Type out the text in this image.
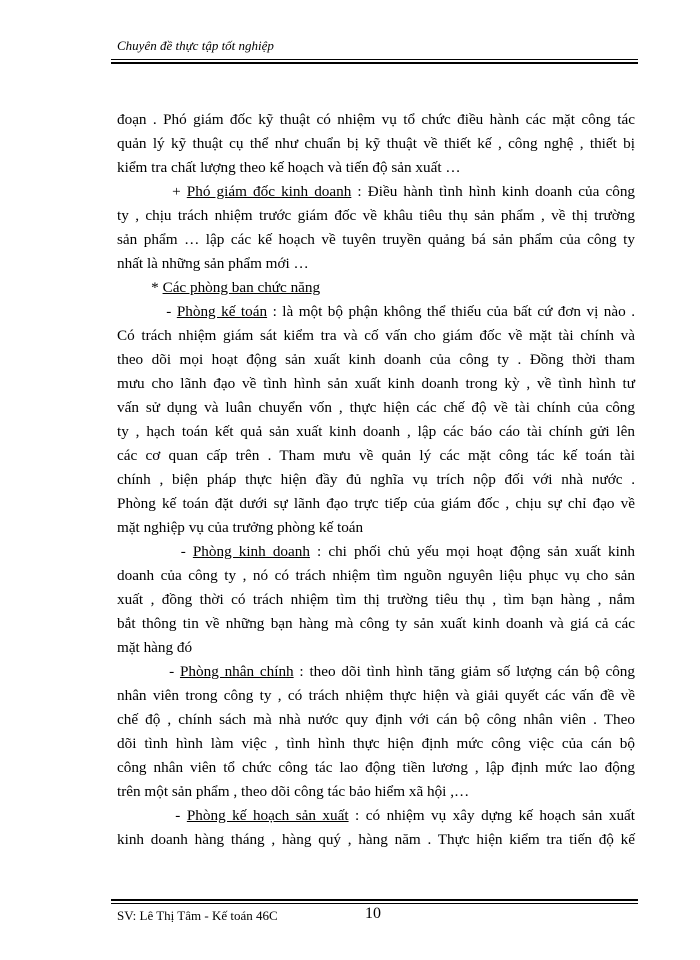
Chuyên đề thực tập tốt nghiệp
đoạn . Phó giám đốc kỹ thuật có nhiệm vụ tổ chức điều hành các mặt công tác
quản lý kỹ thuật cụ thể như chuẩn bị kỹ thuật về thiết kế , công nghệ , thiết bị
kiểm tra chất lượng theo kế hoạch và tiến độ sản xuất …
+ Phó giám đốc kinh doanh : Điều hành tình hình kinh doanh của công
ty , chịu trách nhiệm trước giám đốc về khâu tiêu thụ sản phẩm , về thị trường
sản phẩm … lập các kế hoạch về tuyên truyền quảng bá sản phẩm của công ty
nhất là những sản phẩm mới …
* Các phòng ban chức năng
- Phòng kế toán : là một bộ phận không thể thiếu của bất cứ đơn vị nào .
Có trách nhiệm giám sát kiểm tra và cố vấn cho giám đốc về mặt tài chính và
theo dõi mọi hoạt động sản xuất kinh doanh của công ty . Đồng thời tham
mưu cho lãnh đạo về tình hình sản xuất kinh doanh trong kỳ , về tình hình tư
vấn sử dụng và luân chuyển vốn , thực hiện các chế độ về tài chính của công
ty , hạch toán kết quả sản xuất kinh doanh , lập các báo cáo tài chính gửi lên
các cơ quan cấp trên . Tham mưu về quản lý các mặt công tác kế toán tài
chính , biện pháp thực hiện đầy đủ nghĩa vụ trích nộp đối với nhà nước .
Phòng kế toán đặt dưới sự lãnh đạo trực tiếp của giám đốc , chịu sự chỉ đạo về
mặt nghiệp vụ của trưởng phòng kế toán
- Phòng kinh doanh : chi phối chủ yếu mọi hoạt động sản xuất kinh
doanh của công ty , nó có trách nhiệm tìm nguồn nguyên liệu phục vụ cho sản
xuất , đồng thời có trách nhiệm tìm thị trường tiêu thụ , tìm bạn hàng , nắm
bắt thông tin về những bạn hàng mà công ty sản xuất kinh doanh và giá cả các
mặt hàng đó
- Phòng nhân chính : theo dõi tình hình tăng giảm số lượng cán bộ công
nhân viên trong công ty , có trách nhiệm thực hiện và giải quyết các vấn đề về
chế độ , chính sách mà nhà nước quy định với cán bộ công nhân viên . Theo
dõi tình hình làm việc , tình hình thực hiện định mức công việc của cán bộ
công nhân viên tổ chức công tác lao động tiền lương , lập định mức lao động
trên một sản phẩm , theo dõi công tác bảo hiểm xã hội ,…
- Phòng kế hoạch sản xuất : có nhiệm vụ xây dựng kế hoạch sản xuất
kinh doanh hàng tháng , hàng quý , hàng năm . Thực hiện kiểm tra tiến độ kế
SV: Lê Thị Tâm - Kế toán 46C	10
